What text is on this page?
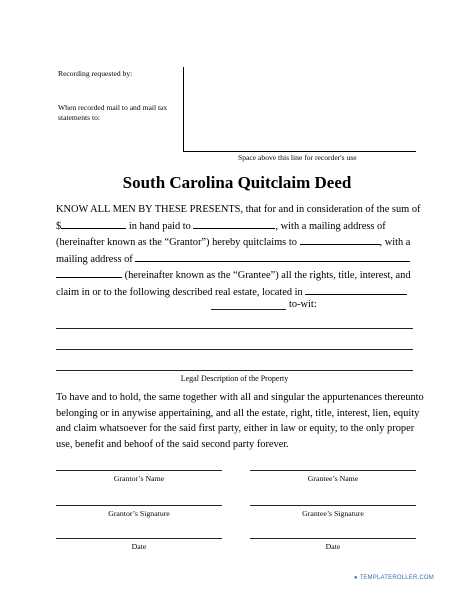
Recording requested by:
When recorded mail to and mail tax statements to:
Space above this line for recorder's use
South Carolina Quitclaim Deed
KNOW ALL MEN BY THESE PRESENTS, that for and in consideration of the sum of
$	in hand paid to	, with a mailing address of
(hereinafter known as the “Grantor”) hereby quitclaims to	, with a
mailing address of
(hereinafter known as the “Grantee”) all the rights, title, interest, and
claim in or to the following described real estate, located in

to-wit:
Legal Description of the Property
To have and to hold, the same together with all and singular the appurtenances thereunto
belonging or in anywise appertaining, and all the estate, right, title, interest, lien, equity
and claim whatsoever for the said first party, either in law or equity, to the only proper
use, benefit and behoof of the said second party forever.
Grantor’s Name	Grantee’s Name
Grantor’s Signature	Grantee’s Signature
Date	Date
● TEMPLATEROLLER.COM
